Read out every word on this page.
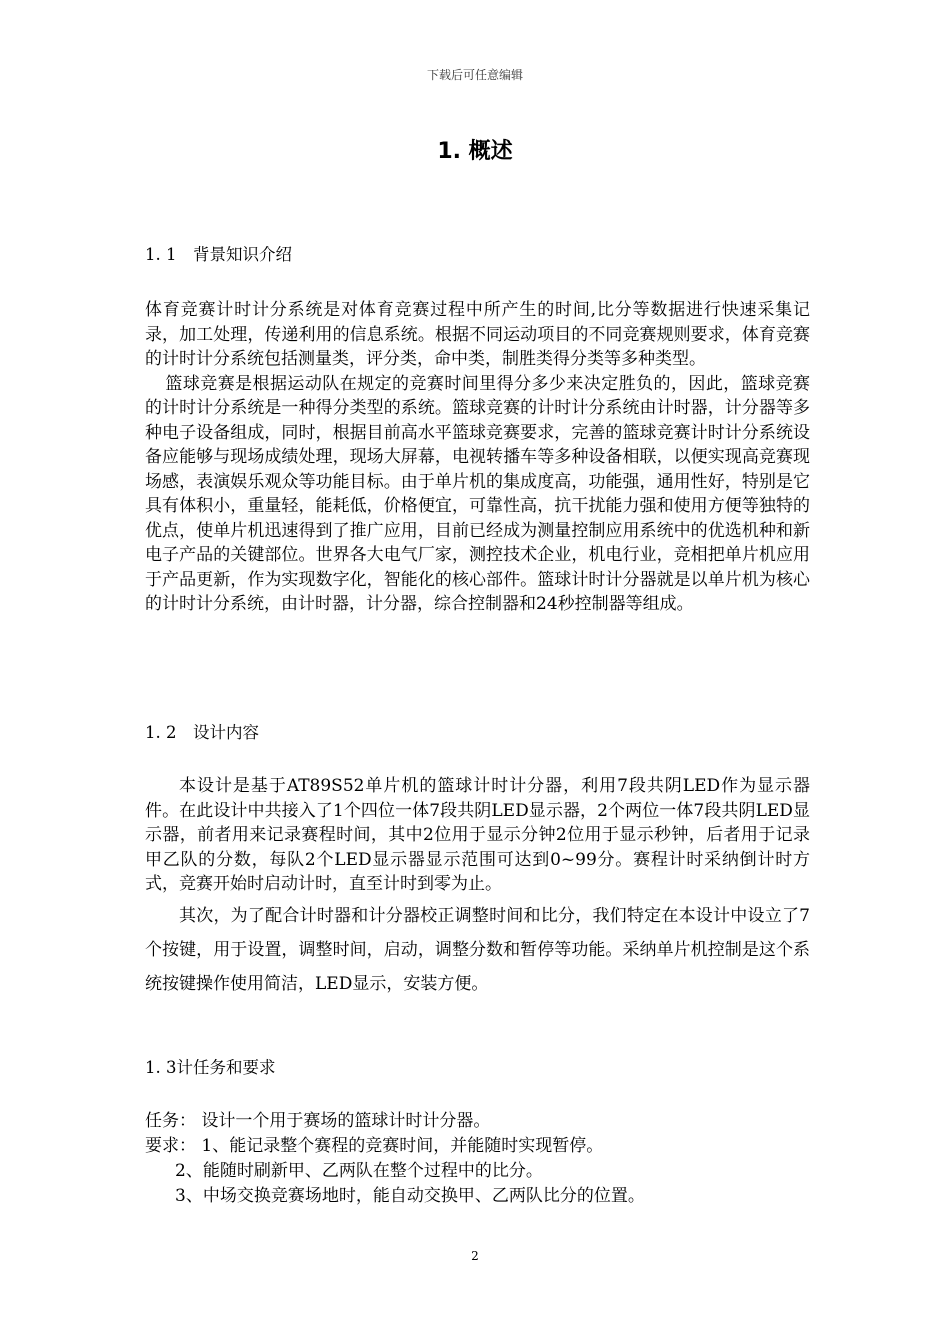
下载后可任意编辑
1. 概述
1. 1　背景知识介绍

体育竞赛计时计分系统是对体育竞赛过程中所产生的时间,比分等数据进行快速采集记录，加工处理，传递利用的信息系统。根据不同运动项目的不同竞赛规则要求，体育竞赛的计时计分系统包括测量类，评分类，命中类，制胜类得分类等多种类型。

篮球竞赛是根据运动队在规定的竞赛时间里得分多少来决定胜负的，因此，篮球竞赛的计时计分系统是一种得分类型的系统。篮球竞赛的计时计分系统由计时器，计分器等多种电子设备组成，同时，根据目前高水平篮球竞赛要求，完善的篮球竞赛计时计分系统设备应能够与现场成绩处理，现场大屏幕，电视转播车等多种设备相联，以便实现高竞赛现场感，表演娱乐观众等功能目标。由于单片机的集成度高，功能强，通用性好，特别是它具有体积小，重量轻，能耗低，价格便宜，可靠性高，抗干扰能力强和使用方便等独特的优点，使单片机迅速得到了推广应用，目前已经成为测量控制应用系统中的优选机种和新电子产品的关键部位。世界各大电气厂家，测控技术企业，机电行业，竞相把单片机应用于产品更新，作为实现数字化，智能化的核心部件。篮球计时计分器就是以单片机为核心的计时计分系统，由计时器，计分器，综合控制器和24秒控制器等组成。

1. 2　设计内容

本设计是基于AT89S52单片机的篮球计时计分器，利用7段共阴LED作为显示器件。在此设计中共接入了1个四位一体7段共阴LED显示器，2个两位一体7段共阴LED显示器，前者用来记录赛程时间，其中2位用于显示分钟2位用于显示秒钟，后者用于记录甲乙队的分数，每队2个LED显示器显示范围可达到0~99分。赛程计时采纳倒计时方式，竞赛开始时启动计时，直至计时到零为止。

其次，为了配合计时器和计分器校正调整时间和比分，我们特定在本设计中设立了7个按键，用于设置，调整时间，启动，调整分数和暂停等功能。采纳单片机控制是这个系统按键操作使用简洁，LED显示，安装方便。

1. 3计任务和要求

任务： 设计一个用于赛场的篮球计时计分器。

要求： 1、能记录整个赛程的竞赛时间，并能随时实现暂停。

2、能随时刷新甲、乙两队在整个过程中的比分。

3、中场交换竞赛场地时，能自动交换甲、乙两队比分的位置。

2
